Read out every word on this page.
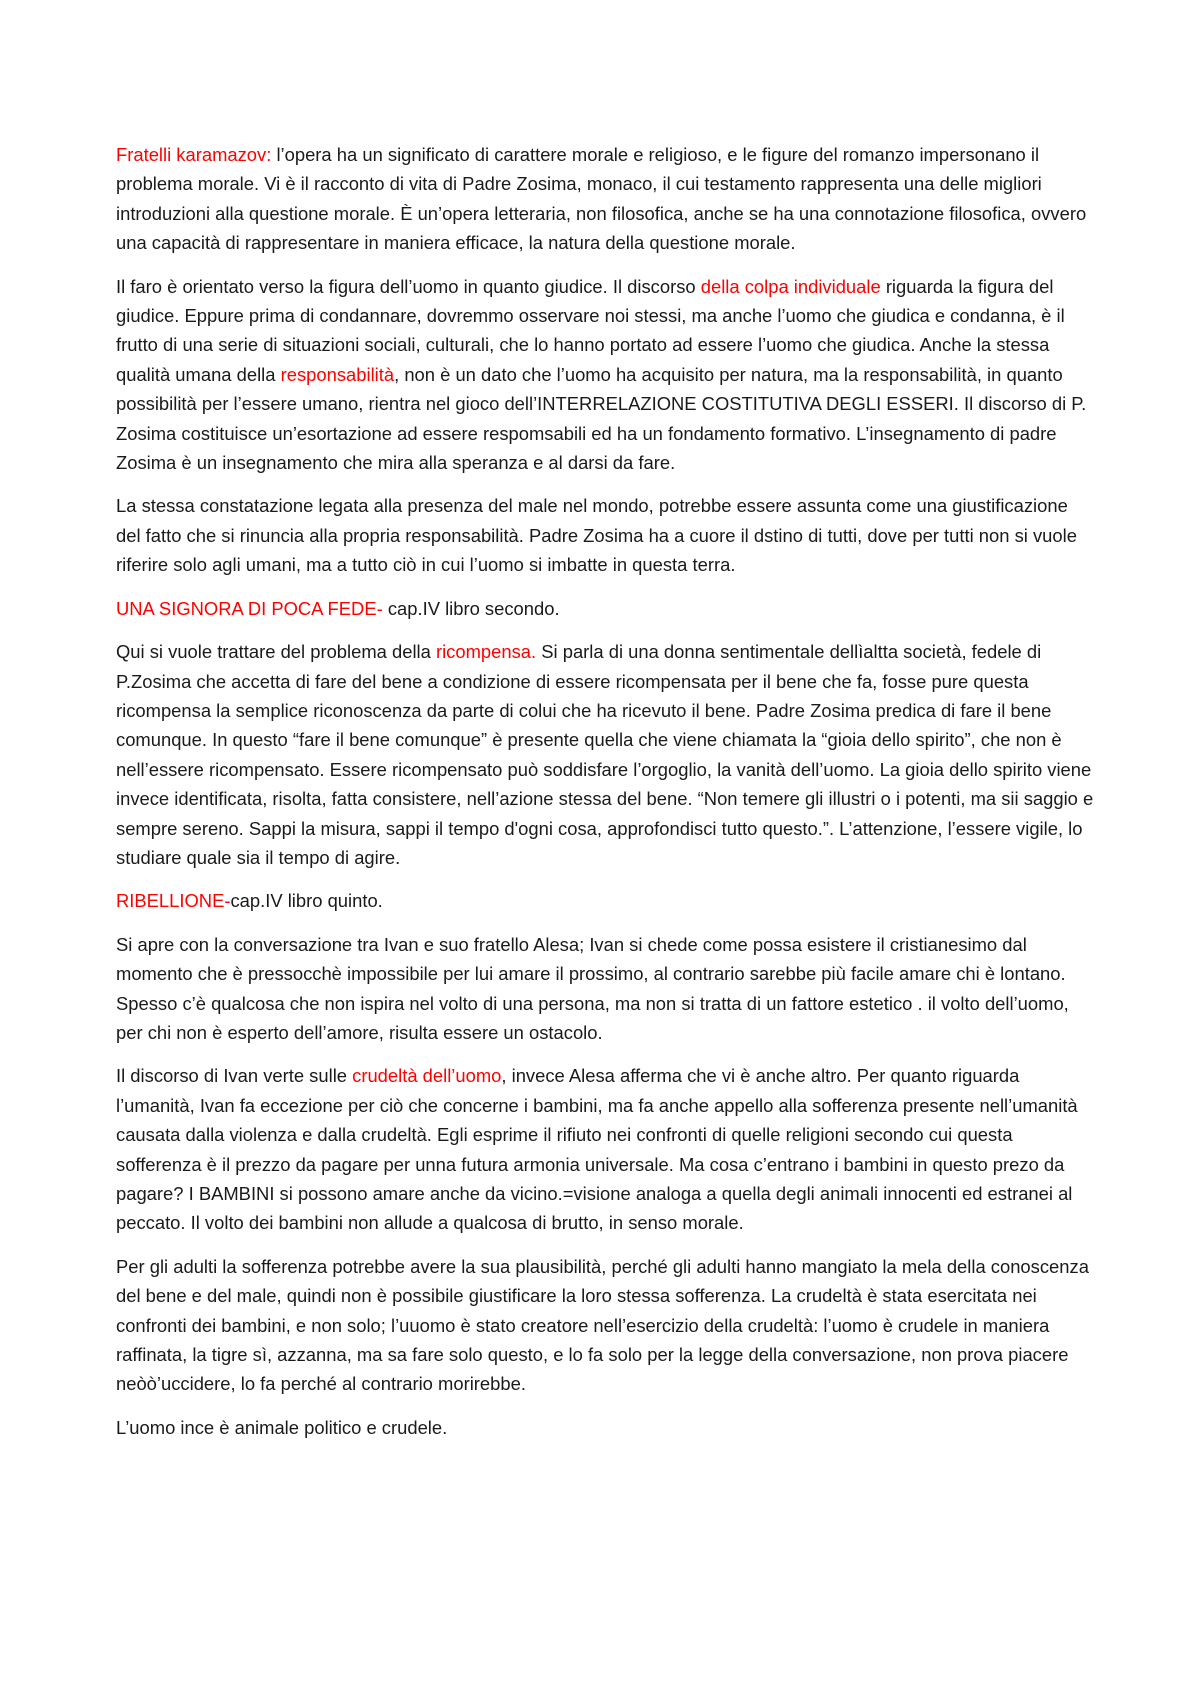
Fratelli karamazov: l’opera ha un significato di carattere morale e religioso, e le figure del romanzo impersonano il problema morale. Vi è il racconto di vita di Padre Zosima, monaco, il cui testamento rappresenta una delle migliori introduzioni alla questione morale. È un’opera letteraria, non filosofica, anche se ha una connotazione filosofica, ovvero una capacità di rappresentare in maniera efficace, la natura della questione morale.

Il faro è orientato verso la figura dell’uomo in quanto giudice. Il discorso della colpa individuale riguarda la figura del giudice. Eppure prima di condannare, dovremmo osservare noi stessi, ma anche l’uomo che giudica e condanna, è il frutto di una serie di situazioni sociali, culturali, che lo hanno portato ad essere l’uomo che giudica. Anche la stessa qualità umana della responsabilità, non è un dato che l’uomo ha acquisito per natura, ma la responsabilità, in quanto possibilità per l’essere umano, rientra nel gioco dell’INTERRELAZIONE COSTITUTIVA DEGLI ESSERI. Il discorso di P. Zosima costituisce un’esortazione ad essere respomsabili ed ha un fondamento formativo. L’insegnamento di padre Zosima è un insegnamento che mira alla speranza e al darsi da fare.

La stessa constatazione legata alla presenza del male nel mondo, potrebbe essere assunta come una giustificazione del fatto che si rinuncia alla propria responsabilità. Padre Zosima ha a cuore il dstino di tutti, dove per tutti non si vuole riferire solo agli umani, ma a tutto ciò in cui l’uomo si imbatte in questa terra.

UNA SIGNORA DI POCA FEDE- cap.IV libro secondo.

Qui si vuole trattare del problema della ricompensa. Si parla di una donna sentimentale dellìaltta società, fedele di P.Zosima che accetta di fare del bene a condizione di essere ricompensata per il bene che fa, fosse pure questa ricompensa la semplice riconoscenza da parte di colui che ha ricevuto il bene. Padre Zosima predica di fare il bene comunque. In questo “fare il bene comunque” è presente quella che viene chiamata la “gioia dello spirito”, che non è nell’essere ricompensato. Essere ricompensato può soddisfare l’orgoglio, la vanità dell’uomo. La gioia dello spirito viene invece identificata, risolta, fatta consistere, nell’azione stessa del bene. “Non temere gli illustri o i potenti, ma sii saggio e sempre sereno. Sappi la misura, sappi il tempo d'ogni cosa, approfondisci tutto questo.”. L’attenzione, l’essere vigile, lo studiare quale sia il tempo di agire.

RIBELLIONE-cap.IV libro quinto.

Si apre con la conversazione tra Ivan e suo fratello Alesa; Ivan si chede come possa esistere il cristianesimo dal momento che è pressocchè impossibile per lui amare il prossimo, al contrario sarebbe più facile amare chi è lontano. Spesso c’è qualcosa che non ispira nel volto di una persona, ma non si tratta di un fattore estetico . il volto dell’uomo, per chi non è esperto dell’amore, risulta essere un ostacolo.

Il discorso di Ivan verte sulle crudeltà dell’uomo, invece Alesa afferma che vi è anche altro. Per quanto riguarda l’umanità, Ivan fa eccezione per ciò che concerne i bambini, ma fa anche appello alla sofferenza presente nell’umanità causata dalla violenza e dalla crudeltà. Egli esprime il rifiuto nei confronti di quelle religioni secondo cui questa sofferenza è il prezzo da pagare per unna futura armonia universale. Ma cosa c’entrano i bambini in questo prezo da pagare? I BAMBINI si possono amare anche da vicino.=visione analoga a quella degli animali innocenti ed estranei al peccato. Il volto dei bambini non allude a qualcosa di brutto, in senso morale.

Per gli adulti la sofferenza potrebbe avere la sua plausibilità, perché gli adulti hanno mangiato la mela della conoscenza del bene e del male, quindi non è possibile giustificare la loro stessa sofferenza. La crudeltà è stata esercitata nei confronti dei bambini, e non solo; l’uuomo è stato creatore nell’esercizio della crudeltà: l’uomo è crudele in maniera raffinata, la tigre sì, azzanna, ma sa fare solo questo, e lo fa solo per la legge della conversazione, non prova piacere neòò’uccidere, lo fa perché al contrario morirebbe.

L’uomo ince è animale politico e crudele.
